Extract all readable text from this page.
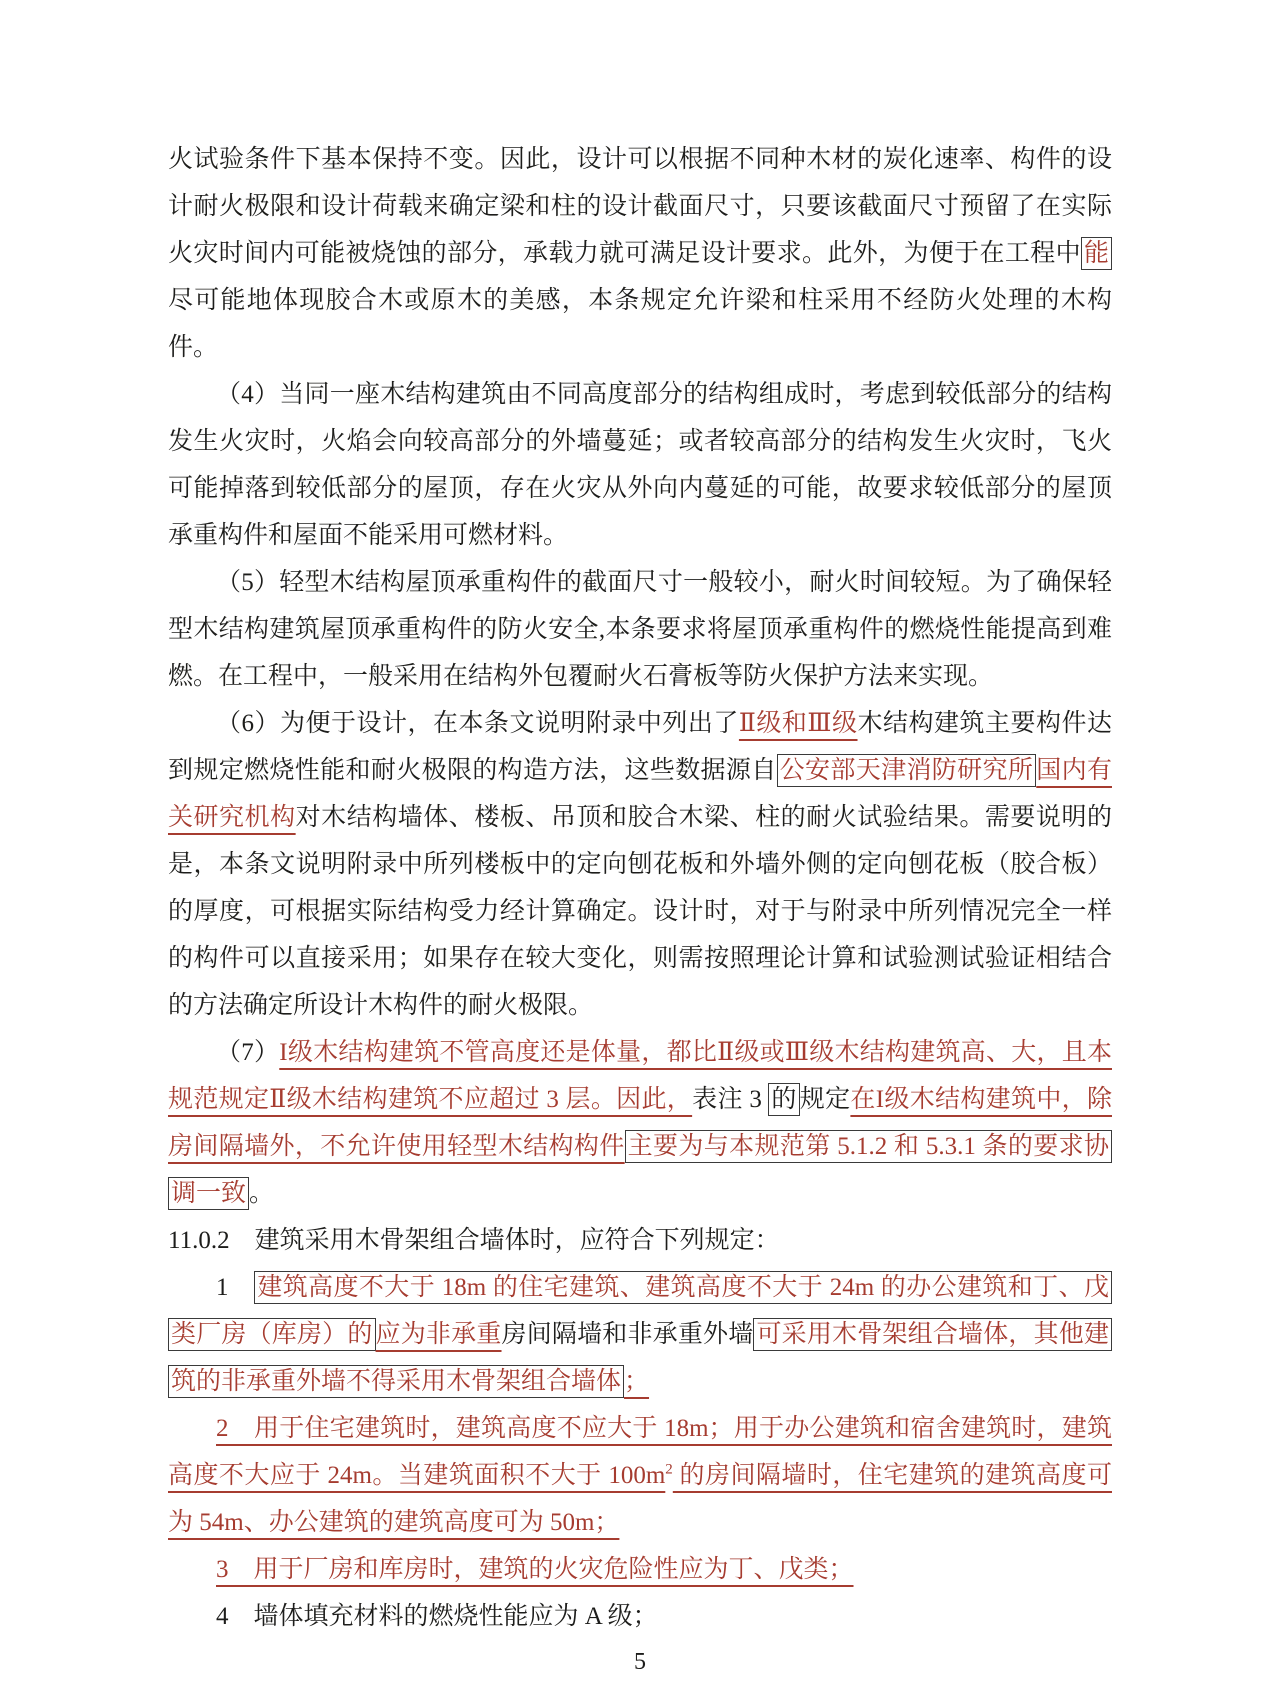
火试验条件下基本保持不变。因此，设计可以根据不同种木材的炭化速率、构件的设计耐火极限和设计荷载来确定梁和柱的设计截面尺寸，只要该截面尺寸预留了在实际火灾时间内可能被烧蚀的部分，承载力就可满足设计要求。此外，为便于在工程中 能尽可能地体现胶合木或原木的美感，本条规定允许梁和柱采用不经防火处理的木构件。

（4）当同一座木结构建筑由不同高度部分的结构组成时，考虑到较低部分的结构发生火灾时，火焰会向较高部分的外墙蔓延；或者较高部分的结构发生火灾时，飞火可能掉落到较低部分的屋顶，存在火灾从外向内蔓延的可能，故要求较低部分的屋顶承重构件和屋面不能采用可燃材料。

（5）轻型木结构屋顶承重构件的截面尺寸一般较小，耐火时间较短。为了确保轻型木结构建筑屋顶承重构件的防火安全,本条要求将屋顶承重构件的燃烧性能提高到难燃。在工程中，一般采用在结构外包覆耐火石膏板等防火保护方法来实现。

（6）为便于设计，在本条文说明附录中列出了Ⅱ级和Ⅲ级木结构建筑主要构件达到规定燃烧性能和耐火极限的构造方法，这些数据源自 公安部天津消防研究所 国内有关研究机构对木结构墙体、楼板、吊顶和胶合木梁、柱的耐火试验结果。需要说明的是，本条文说明附录中所列楼板中的定向刨花板和外墙外侧的定向刨花板（胶合板）的厚度，可根据实际结构受力经计算确定。设计时，对于与附录中所列情况完全一样的构件可以直接采用；如果存在较大变化，则需按照理论计算和试验测试验证相结合的方法确定所设计木构件的耐火极限。

（7）I级木结构建筑不管高度还是体量，都比Ⅱ级或Ⅲ级木结构建筑高、大，且本规范规定Ⅱ级木结构建筑不应超过 3 层。因此，表注 3 的 规定在I级木结构建筑中，除房间隔墙外，不允许使用轻型木结构构件 主要为与本规范第 5.1.2 和 5.3.1 条的要求协调一致 。

11.0.2　建筑采用木骨架组合墙体时，应符合下列规定：

1　建筑高度不大于 18m 的住宅建筑、建筑高度不大于 24m 的办公建筑和丁、戊类厂房（库房）的 应为非承重房间隔墙和非承重外墙 可采用木骨架组合墙体，其他建筑的非承重外墙不得采用木骨架组合墙体 ；

2　用于住宅建筑时，建筑高度不应大于 18m；用于办公建筑和宿舍建筑时，建筑高度不大应于 24m。当建筑面积不大于 $100m^2$ 的房间隔墙时，住宅建筑的建筑高度可为 54m、办公建筑的建筑高度可为 50m；

3　用于厂房和库房时，建筑的火灾危险性应为丁、戊类；

4　墙体填充材料的燃烧性能应为 A 级；

5
